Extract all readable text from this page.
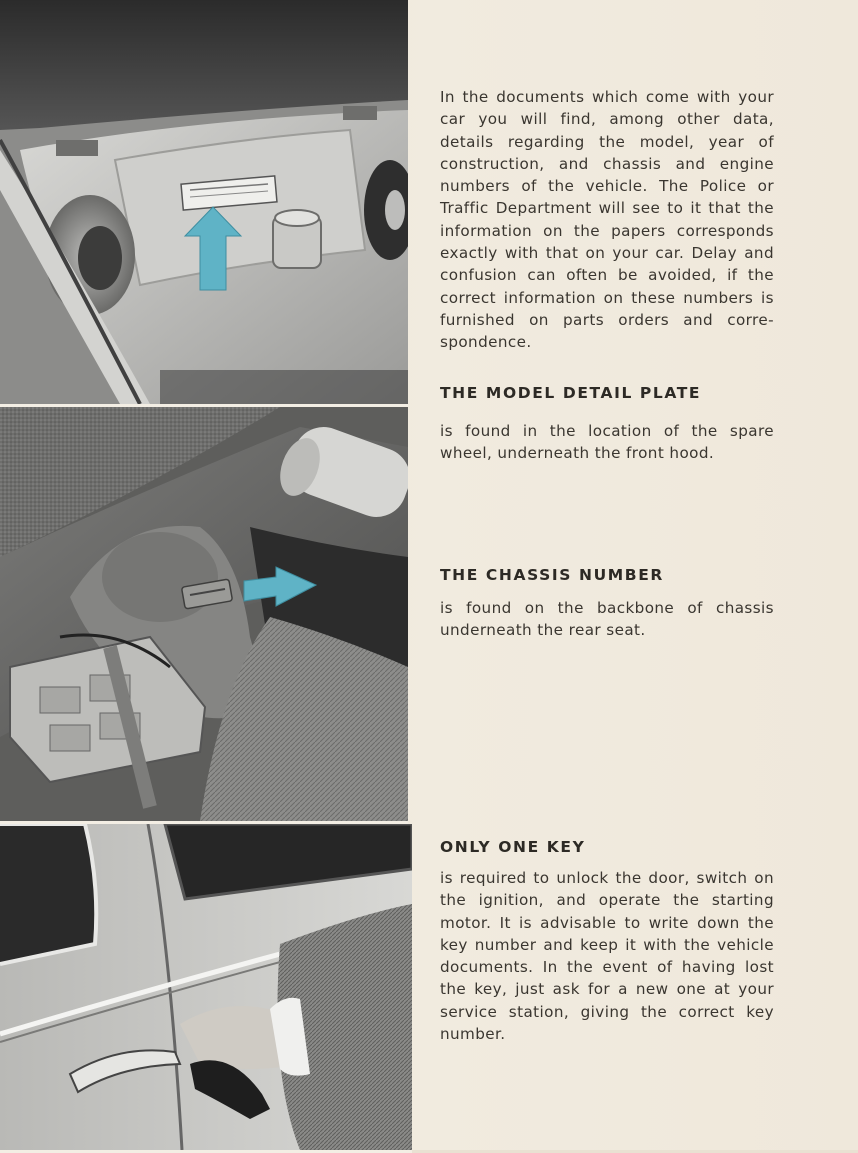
In the documents which come with your car you will find, among other data, details regarding the model, year of construction, and chassis and engine numbers of the vehicle. The Police or Traffic Department will see to it that the information on the papers corresponds exactly with that on your car. Delay and confusion can often be avoided, if the correct information on these numbers is furnished on parts orders and corre-spondence.
THE MODEL DETAIL PLATE
is found in the location of the spare wheel, underneath the front hood.
THE CHASSIS NUMBER
is found on the backbone of chassis underneath the rear seat.
ONLY ONE KEY
is required to unlock the door, switch on the ignition, and operate the starting motor. It is advisable to write down the key number and keep it with the vehicle documents. In the event of having lost the key, just ask for a new one at your service station, giving the correct key number.
